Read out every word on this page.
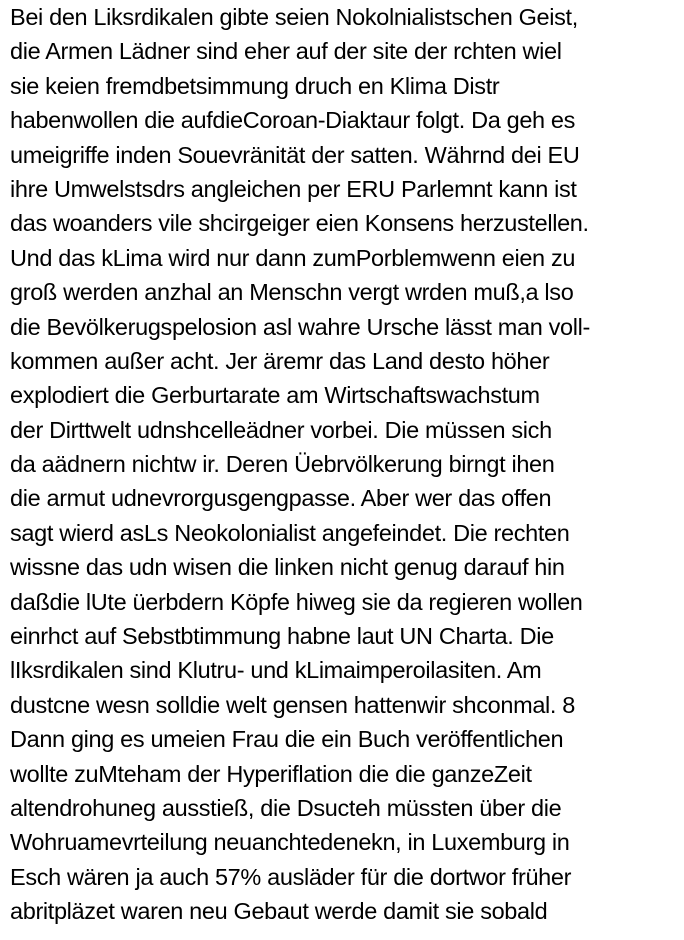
Bei den Liksrdikalen gibte seien Nokolnialistschen Geist,
die Armen Lädner sind eher auf der site der rchten wiel
sie keien fremdbetsimmung druch en Klima Distr
habenwollen die aufdieCoroan-Diaktaur folgt. Da geh es
umeigriffe inden Souevränität der satten. Währnd dei EU
ihre Umwelstsdrs angleichen per ERU Parlemnt kann ist
das woanders vile shcirgeiger eien Konsens herzustellen.
Und das kLima wird nur dann zumPorblemwenn eien zu
groß werden anzhal an Menschn vergt wrden muß,a lso
die Bevölkerugspelosion asl wahre Ursche lässt man voll-
kommen außer acht. Jer äremr das Land desto höher
explodiert die Gerburtarate am Wirtschaftswachstum
der Dirttwelt udnshcelleädner vorbei. Die müssen sich
da aädnern nichtw ir. Deren Üebrvölkerung birngt ihen
die armut udnevrorgusgengpasse. Aber wer das offen
sagt wierd asLs Neokolonialist angefeindet. Die rechten
wissne das udn wisen die linken nicht genug darauf hin
daßdie lUte üerbdern Köpfe hiweg sie da regieren wollen
einrhct auf Sebstbtimmung habne laut UN Charta. Die
lIksrdikalen sind Klutru- und kLimaimperoilasiten. Am
dustcne wesn solldie welt gensen hattenwir shconmal. 8
Dann ging es umeien Frau die ein Buch veröffentlichen
wollte zuMteham der Hyperiflation die die ganzeZeit
altendrohuneg ausstieß, die Dsucteh müssten über die
Wohruamevrteilung neuanchtedenekn, in Luxemburg in
Esch wären ja auch 57% ausläder für die dortwor früher
abritpläzet waren neu Gebaut werde damit sie sobald
